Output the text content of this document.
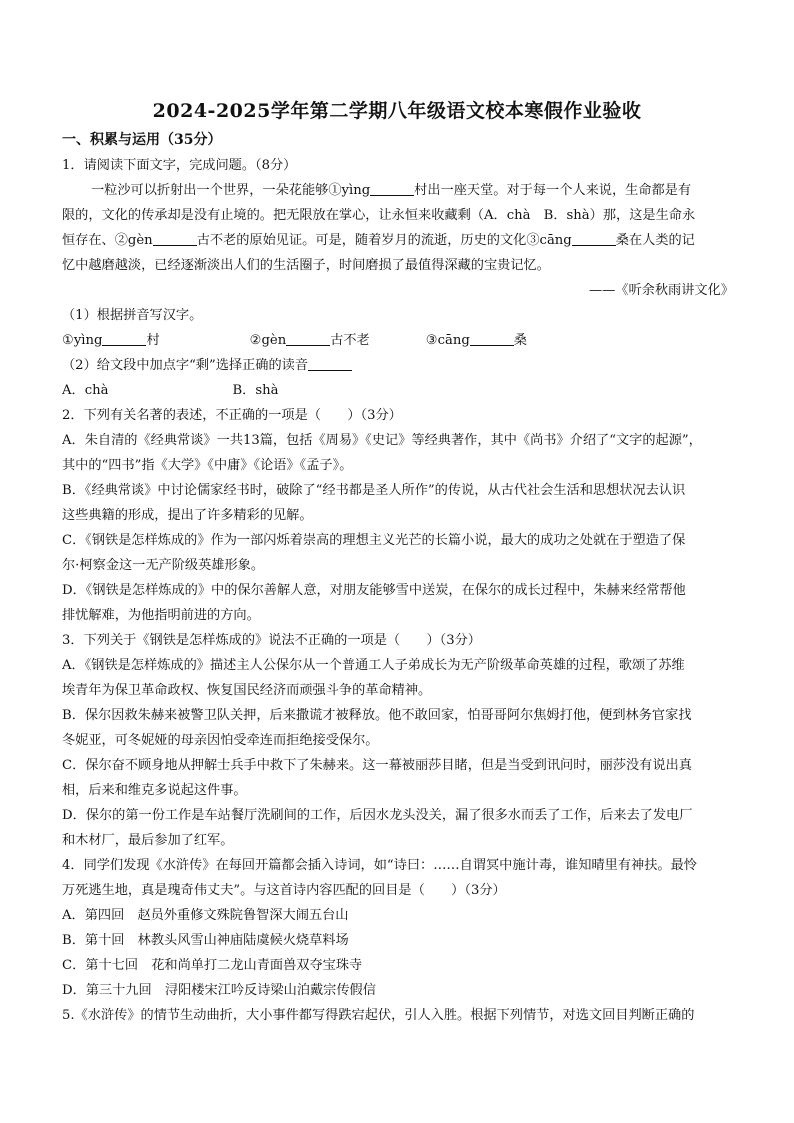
2024-2025学年第二学期八年级语文校本寒假作业验收
一、积累与运用（35分）
1．请阅读下面文字，完成问题。（8分）
一粒沙可以折射出一个世界，一朵花能够①yìng	村出一座天堂。对于每一个人来说，生命都是有
限的，文化的传承却是没有止境的。把无限放在掌心，让永恒来收藏剩（A．chà　B．shà）那，这是生命永
恒存在、②gèn	古不老的原始见证。可是，随着岁月的流逝，历史的文化③cāng	桑在人类的记
忆中越磨越淡，已经逐渐淡出人们的生活圈子，时间磨损了最值得深藏的宝贵记忆。
——《听余秋雨讲文化》
（1）根据拼音写汉字。
①yìng	村	②gèn	古不老	③cāng	桑
（2）给文段中加点字“剩”选择正确的读音
A．chà	B．shà
2．下列有关名著的表述，不正确的一项是（　　）（3分）
A．朱自清的《经典常谈》一共13篇，包括《周易》《史记》等经典著作，其中《尚书》介绍了“文字的起源”，
其中的“四书”指《大学》《中庸》《论语》《孟子》。
B．《经典常谈》中讨论儒家经书时，破除了“经书都是圣人所作”的传说，从古代社会生活和思想状况去认识
这些典籍的形成，提出了许多精彩的见解。
C．《钢铁是怎样炼成的》作为一部闪烁着崇高的理想主义光芒的长篇小说，最大的成功之处就在于塑造了保
尔·柯察金这一无产阶级英雄形象。
D．《钢铁是怎样炼成的》中的保尔善解人意，对朋友能够雪中送炭，在保尔的成长过程中，朱赫来经常帮他
排忧解难，为他指明前进的方向。
3．下列关于《钢铁是怎样炼成的》说法不正确的一项是（　　）（3分）
A．《钢铁是怎样炼成的》描述主人公保尔从一个普通工人子弟成长为无产阶级革命英雄的过程，歌颂了苏维
埃青年为保卫革命政权、恢复国民经济而顽强斗争的革命精神。
B．保尔因救朱赫来被警卫队关押，后来撒谎才被释放。他不敢回家，怕哥哥阿尔焦姆打他，便到林务官家找
冬妮亚，可冬妮娅的母亲因怕受牵连而拒绝接受保尔。
C．保尔奋不顾身地从押解士兵手中救下了朱赫来。这一幕被丽莎目睹，但是当受到讯问时，丽莎没有说出真
相，后来和维克多说起这件事。
D．保尔的第一份工作是车站餐厅洗刷间的工作，后因水龙头没关，漏了很多水而丢了工作，后来去了发电厂
和木材厂，最后参加了红军。
4．同学们发现《水浒传》在每回开篇都会插入诗词，如“诗曰：……自谓冥中施计毒，谁知晴里有神扶。最怜
万死逃生地，真是瑰奇伟丈夫”。与这首诗内容匹配的回目是（　　）（3分）
A．第四回　赵员外重修文殊院鲁智深大闹五台山
B．第十回　林教头风雪山神庙陆虞候火烧草料场
C．第十七回　花和尚单打二龙山青面兽双夺宝珠寺
D．第三十九回　浔阳楼宋江吟反诗梁山泊戴宗传假信
5.《水浒传》的情节生动曲折，大小事件都写得跌宕起伏，引人入胜。根据下列情节，对选文回目判断正确的
